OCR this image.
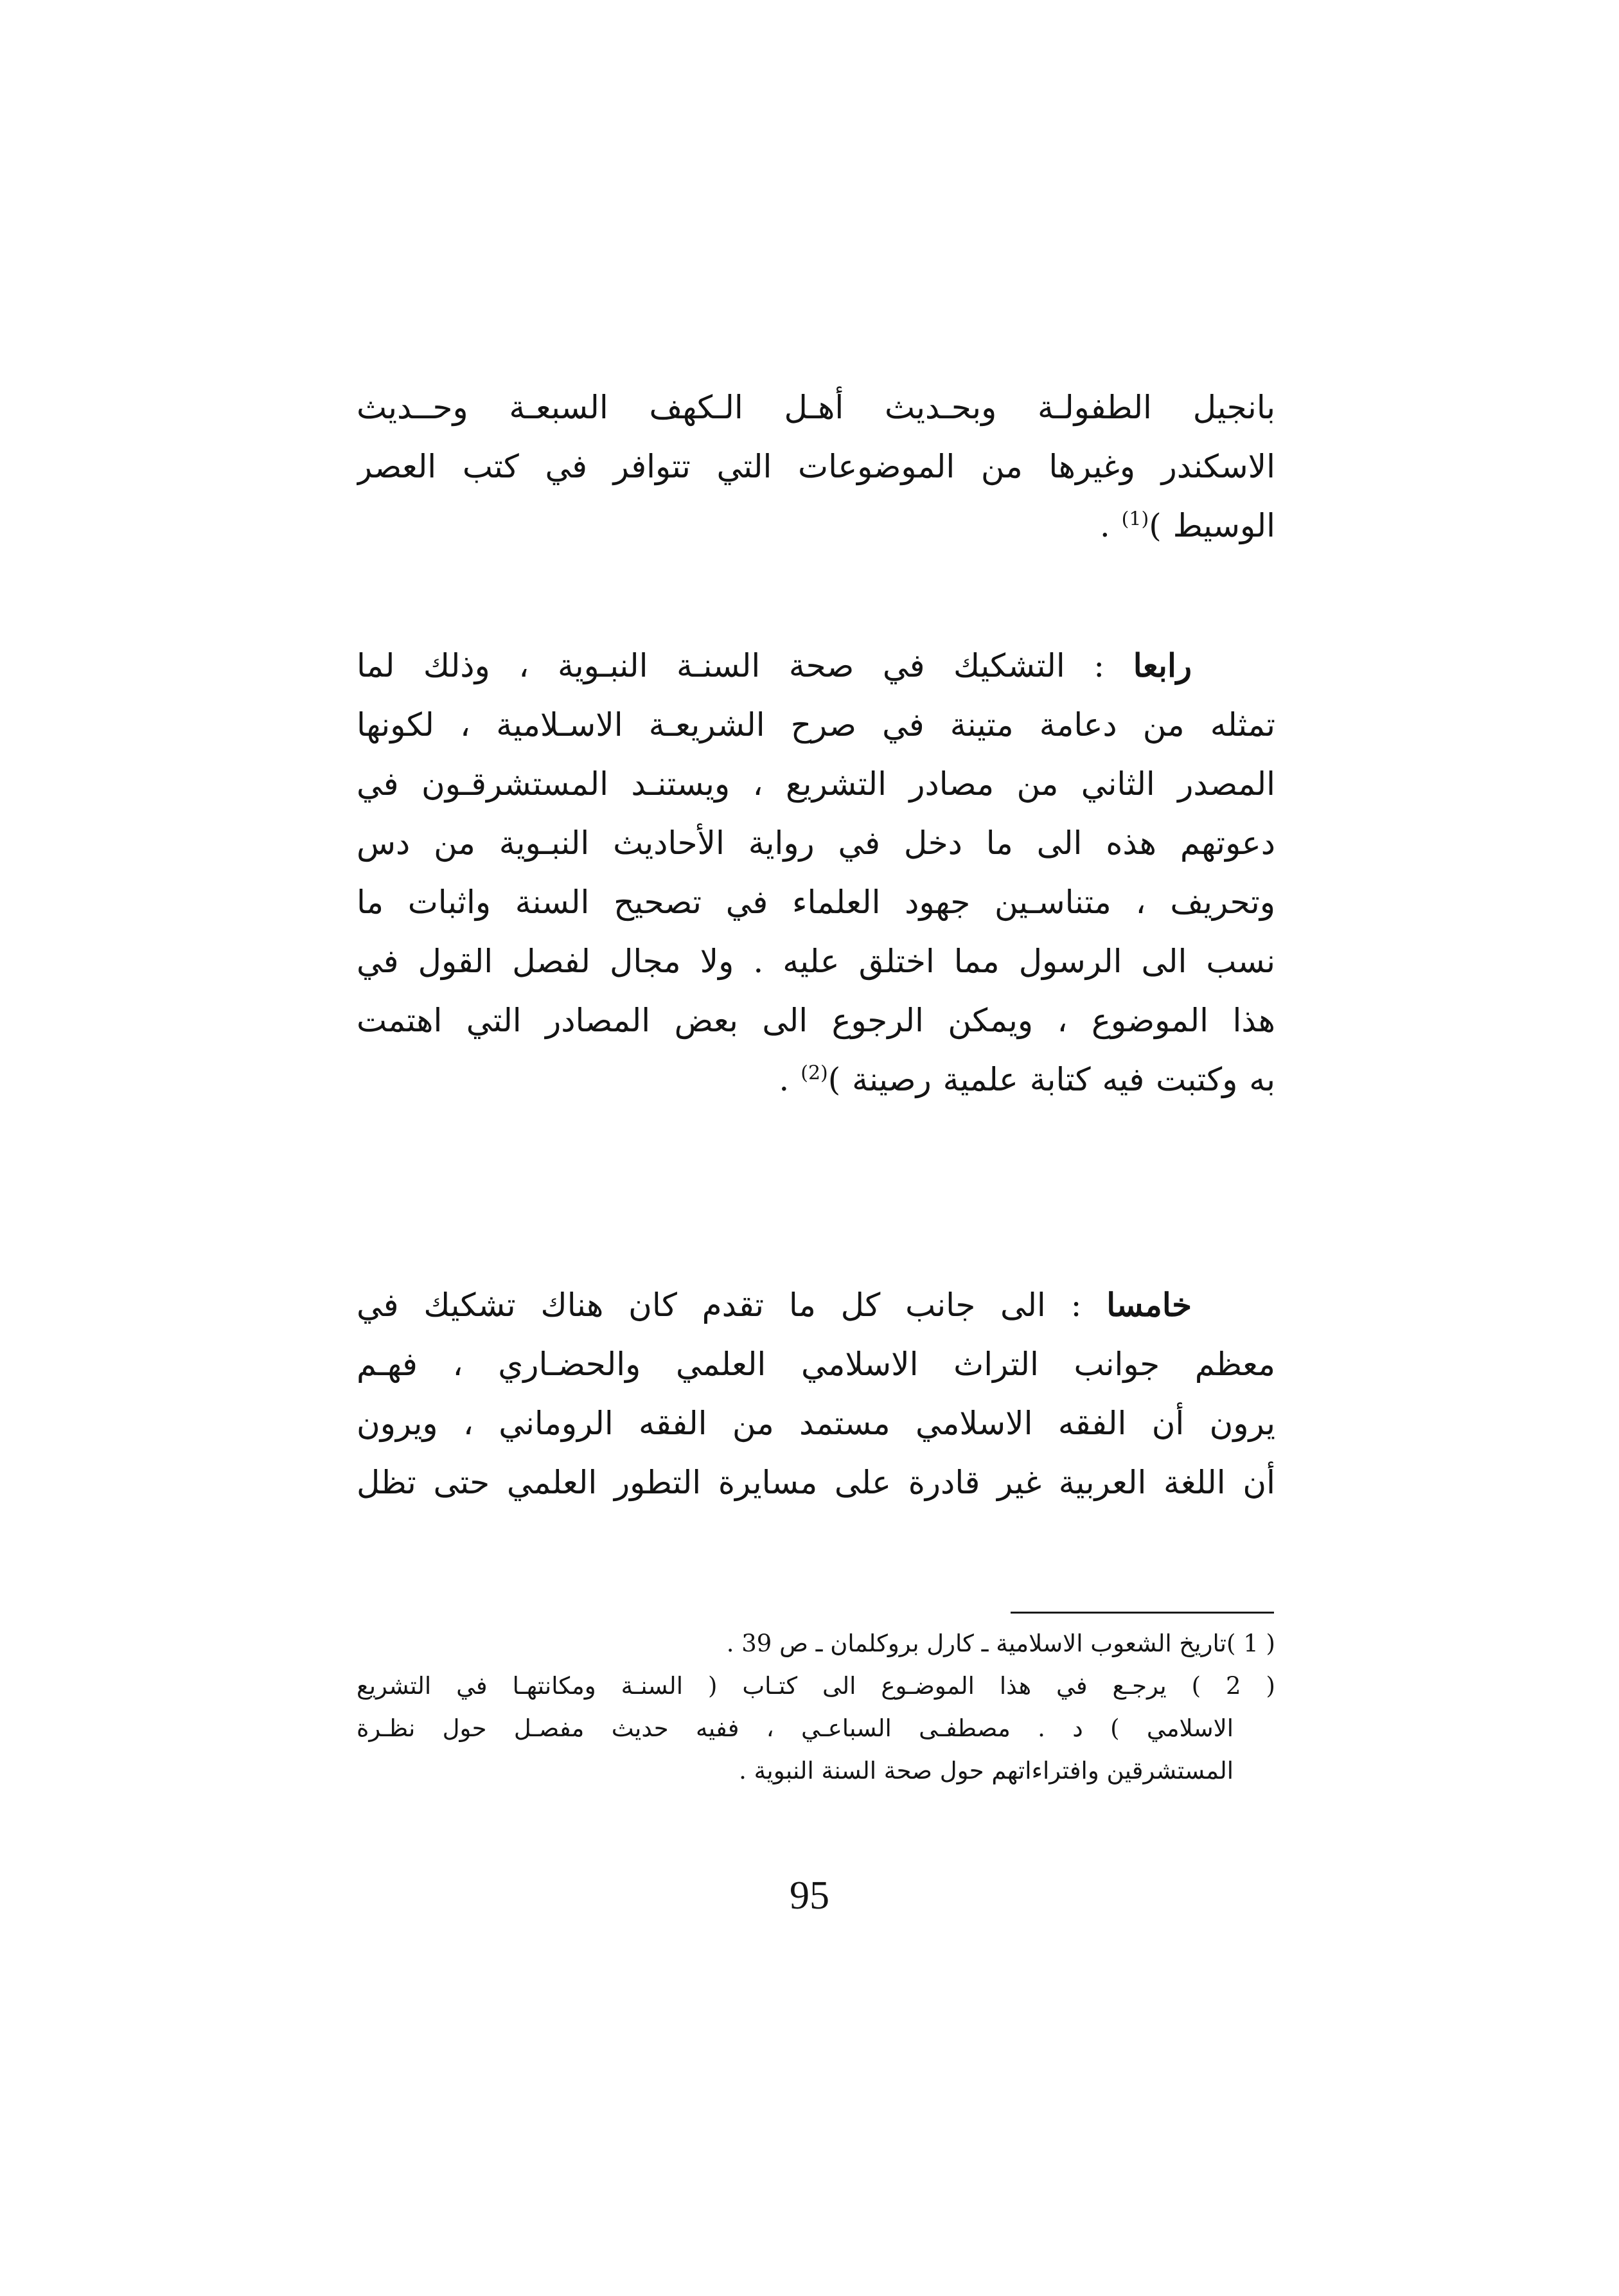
بانجيل الطفولـة وبحـديث أهـل الـكهف السبعـة وحــديث
الاسكندر وغيرها من الموضوعات التي تتوافر في كتب العصر
الوسيط )$^{(1)}$ .
رابعا : التشكيك في صحة السنـة النبـوية ، وذلك لما
تمثله من دعامة متينة في صرح الشريعـة الاسـلامية ، لكونها
المصدر الثاني من مصادر التشريع ، ويستنـد المستشرقـون في
دعوتهم هذه الى ما دخل في رواية الأحاديث النبـوية من دس
وتحريف ، متناسـين جهود العلماء في تصحيح السنة واثبات ما
نسب الى الرسول مما اختلق عليه . ولا مجال لفصل القول في
هذا الموضوع ، ويمكن الرجوع الى بعض المصادر التي اهتمت
به وكتبت فيه كتابة علمية رصينة )$^{(2)}$ .
خامسا : الى جانب كل ما تقدم كان هناك تشكيك في
معظم جوانب التراث الاسلامي العلمي والحضـاري ، فهـم
يرون أن الفقه الاسلامي مستمد من الفقه الروماني ، ويرون
أن اللغة العربية غير قادرة على مسايرة التطور العلمي حتى تظل
( 1 )تاريخ الشعوب الاسلامية ـ كارل بروكلمان ـ ص 39 .
( 2 ) يرجـع في هذا الموضـوع الى كتـاب ( السنـة ومكانتهـا في التشريع
الاسلامي ) د . مصطفـى السباعـي ، ففيه حديث مفصـل حول نظـرة
المستشرقين وافتراءاتهم حول صحة السنة النبوية .
95
